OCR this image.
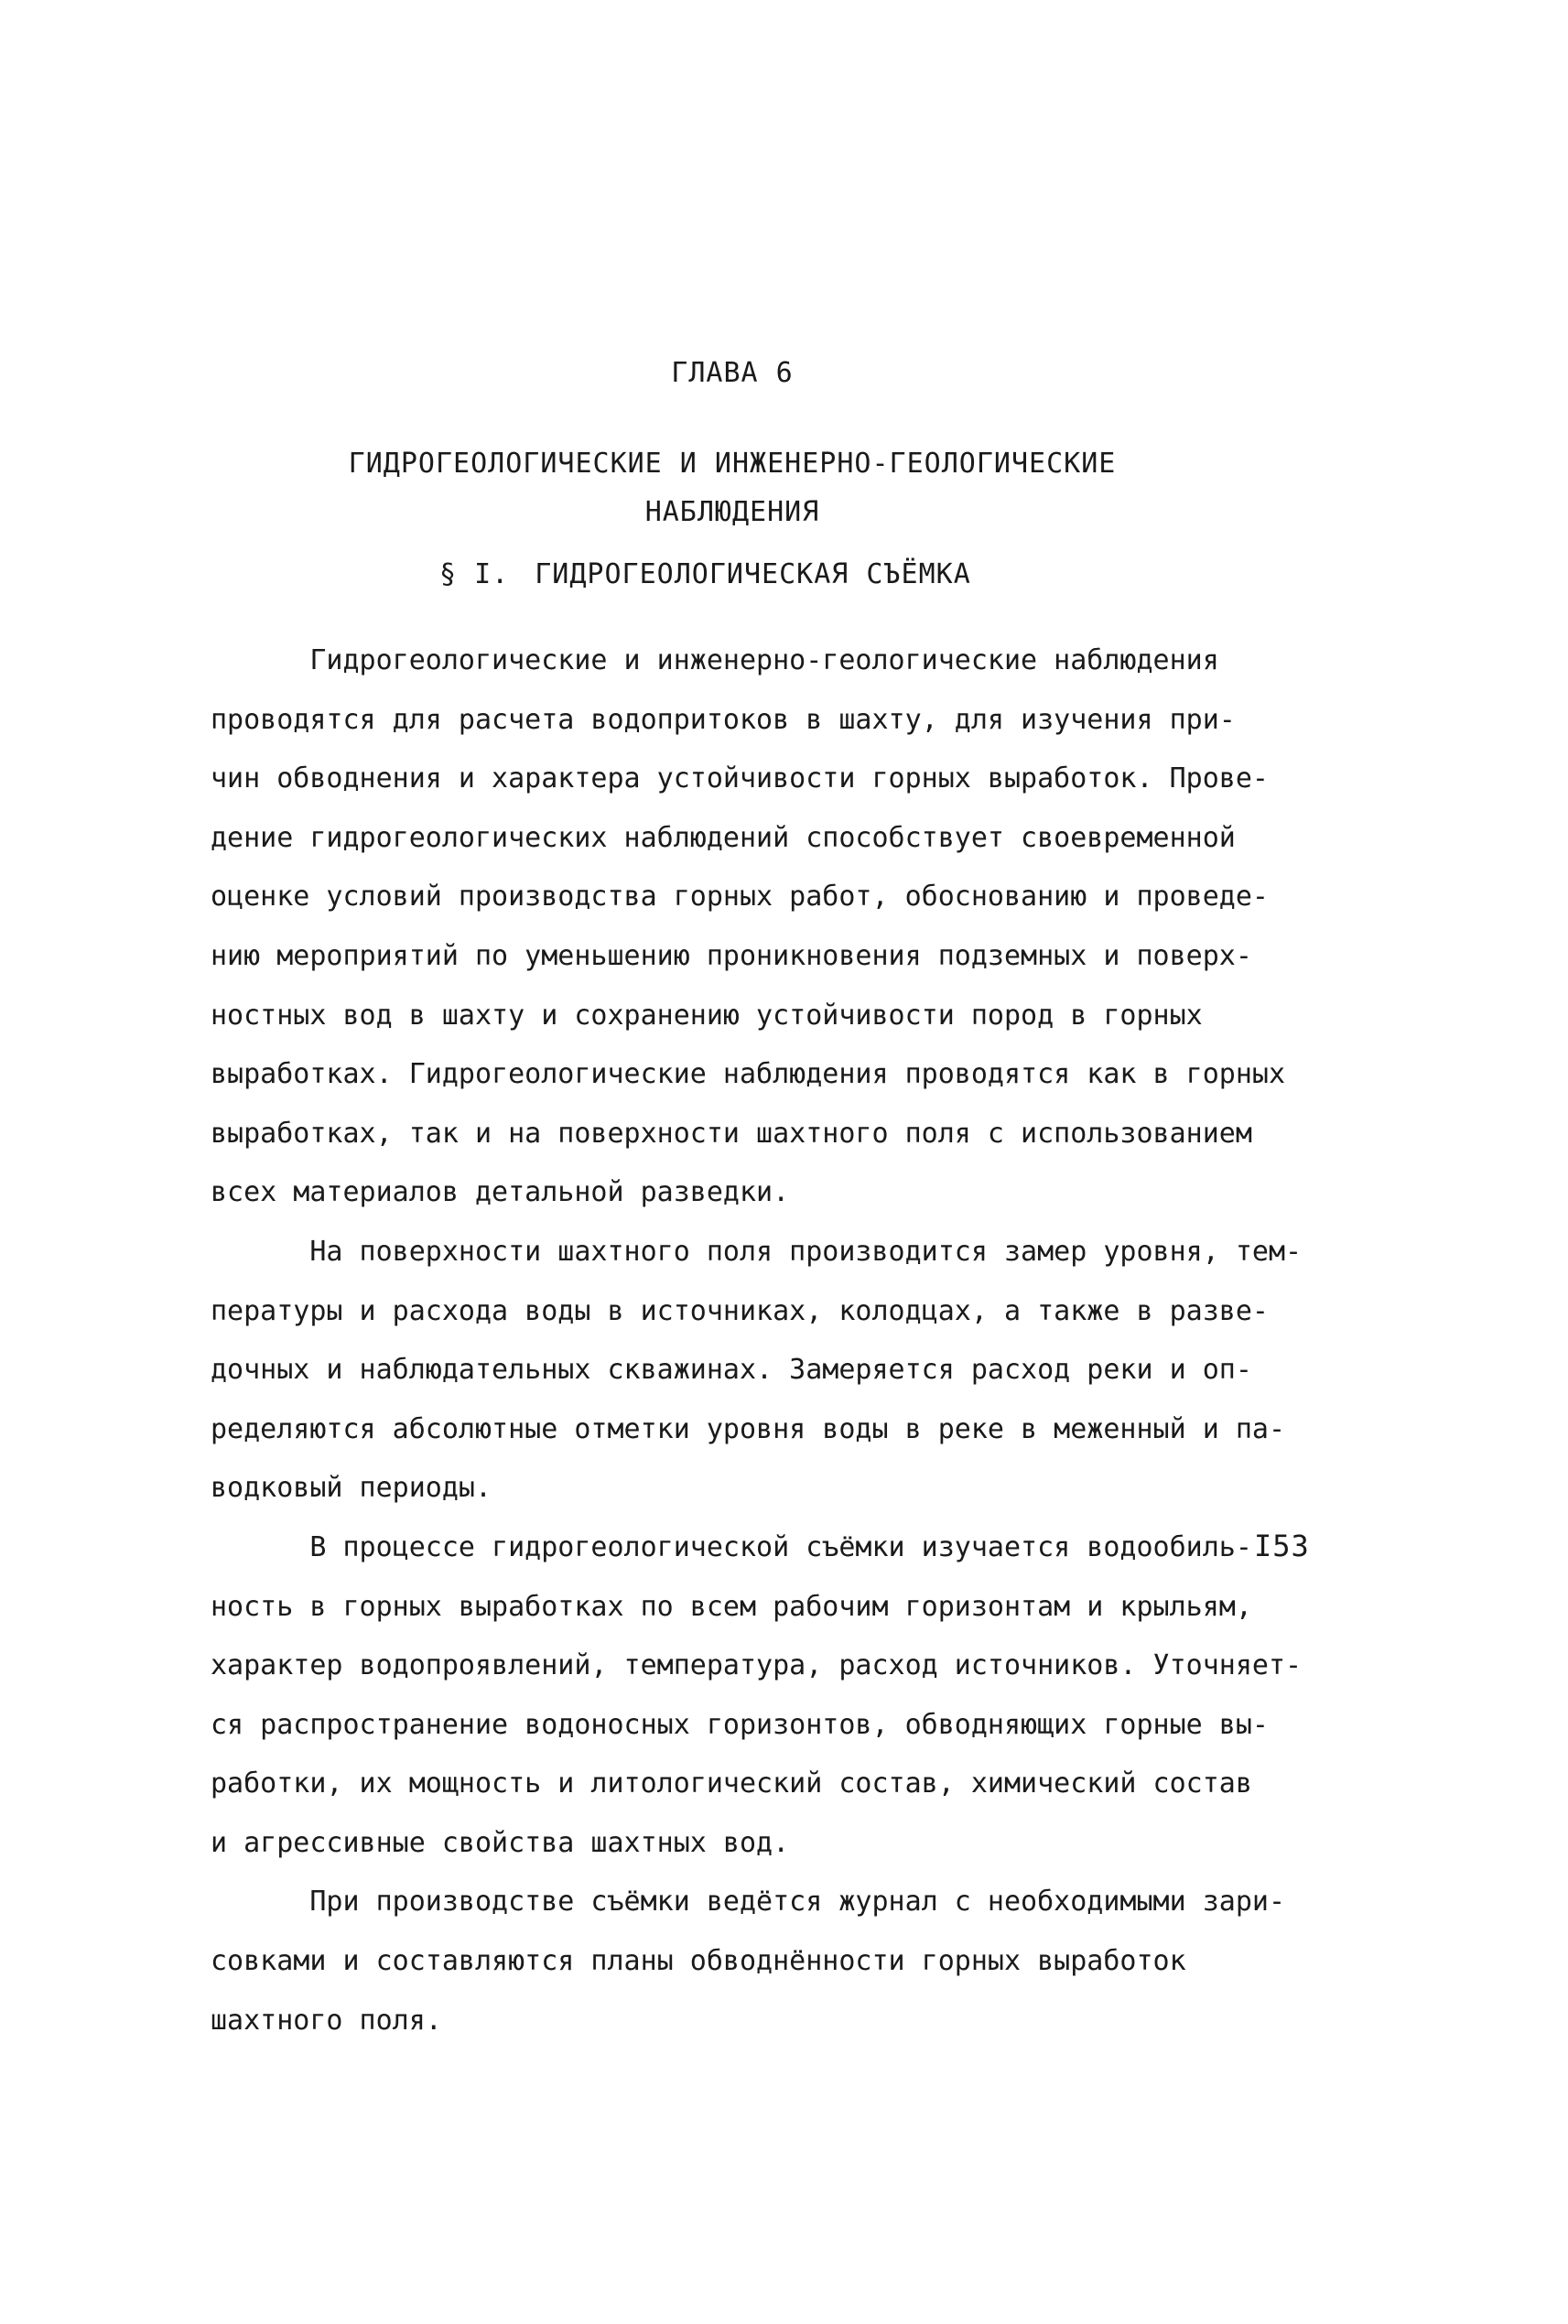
ГЛАВА 6
ГИДРОГЕОЛОГИЧЕСКИЕ И ИНЖЕНЕРНО-ГЕОЛОГИЧЕСКИЕ
НАБЛЮДЕНИЯ
§ I. ГИДРОГЕОЛОГИЧЕСКАЯ СЪЁМКА
Гидрогеологические и инженерно-геологические наблюдения
проводятся для расчета водопритоков в шахту, для изучения при-
чин обводнения и характера устойчивости горных выработок. Прове-
дение гидрогеологических наблюдений способствует своевременной
оценке условий производства горных работ, обоснованию и проведе-
нию мероприятий по уменьшению проникновения подземных и поверх-
ностных вод в шахту и сохранению устойчивости пород в горных
выработках. Гидрогеологические наблюдения проводятся как в горных
выработках, так и на поверхности шахтного поля с использованием
всех материалов детальной разведки.
На поверхности шахтного поля производится замер уровня, тем-
пературы и расхода воды в источниках, колодцах, а также в разве-
дочных и наблюдательных скважинах. Замеряется расход реки и оп-
ределяются абсолютные отметки уровня воды в реке в меженный и па-
водковый периоды.
В процессе гидрогеологической съёмки изучается водообиль-
ность в горных выработках по всем рабочим горизонтам и крыльям,
характер водопроявлений, температура, расход источников. Уточняет-
ся распространение водоносных горизонтов, обводняющих горные вы-
работки, их мощность и литологический состав, химический состав
и агрессивные свойства шахтных вод.
При производстве съёмки ведётся журнал с необходимыми зари-
совками и составляются планы обводнённости горных выработок
шахтного поля.
I53
